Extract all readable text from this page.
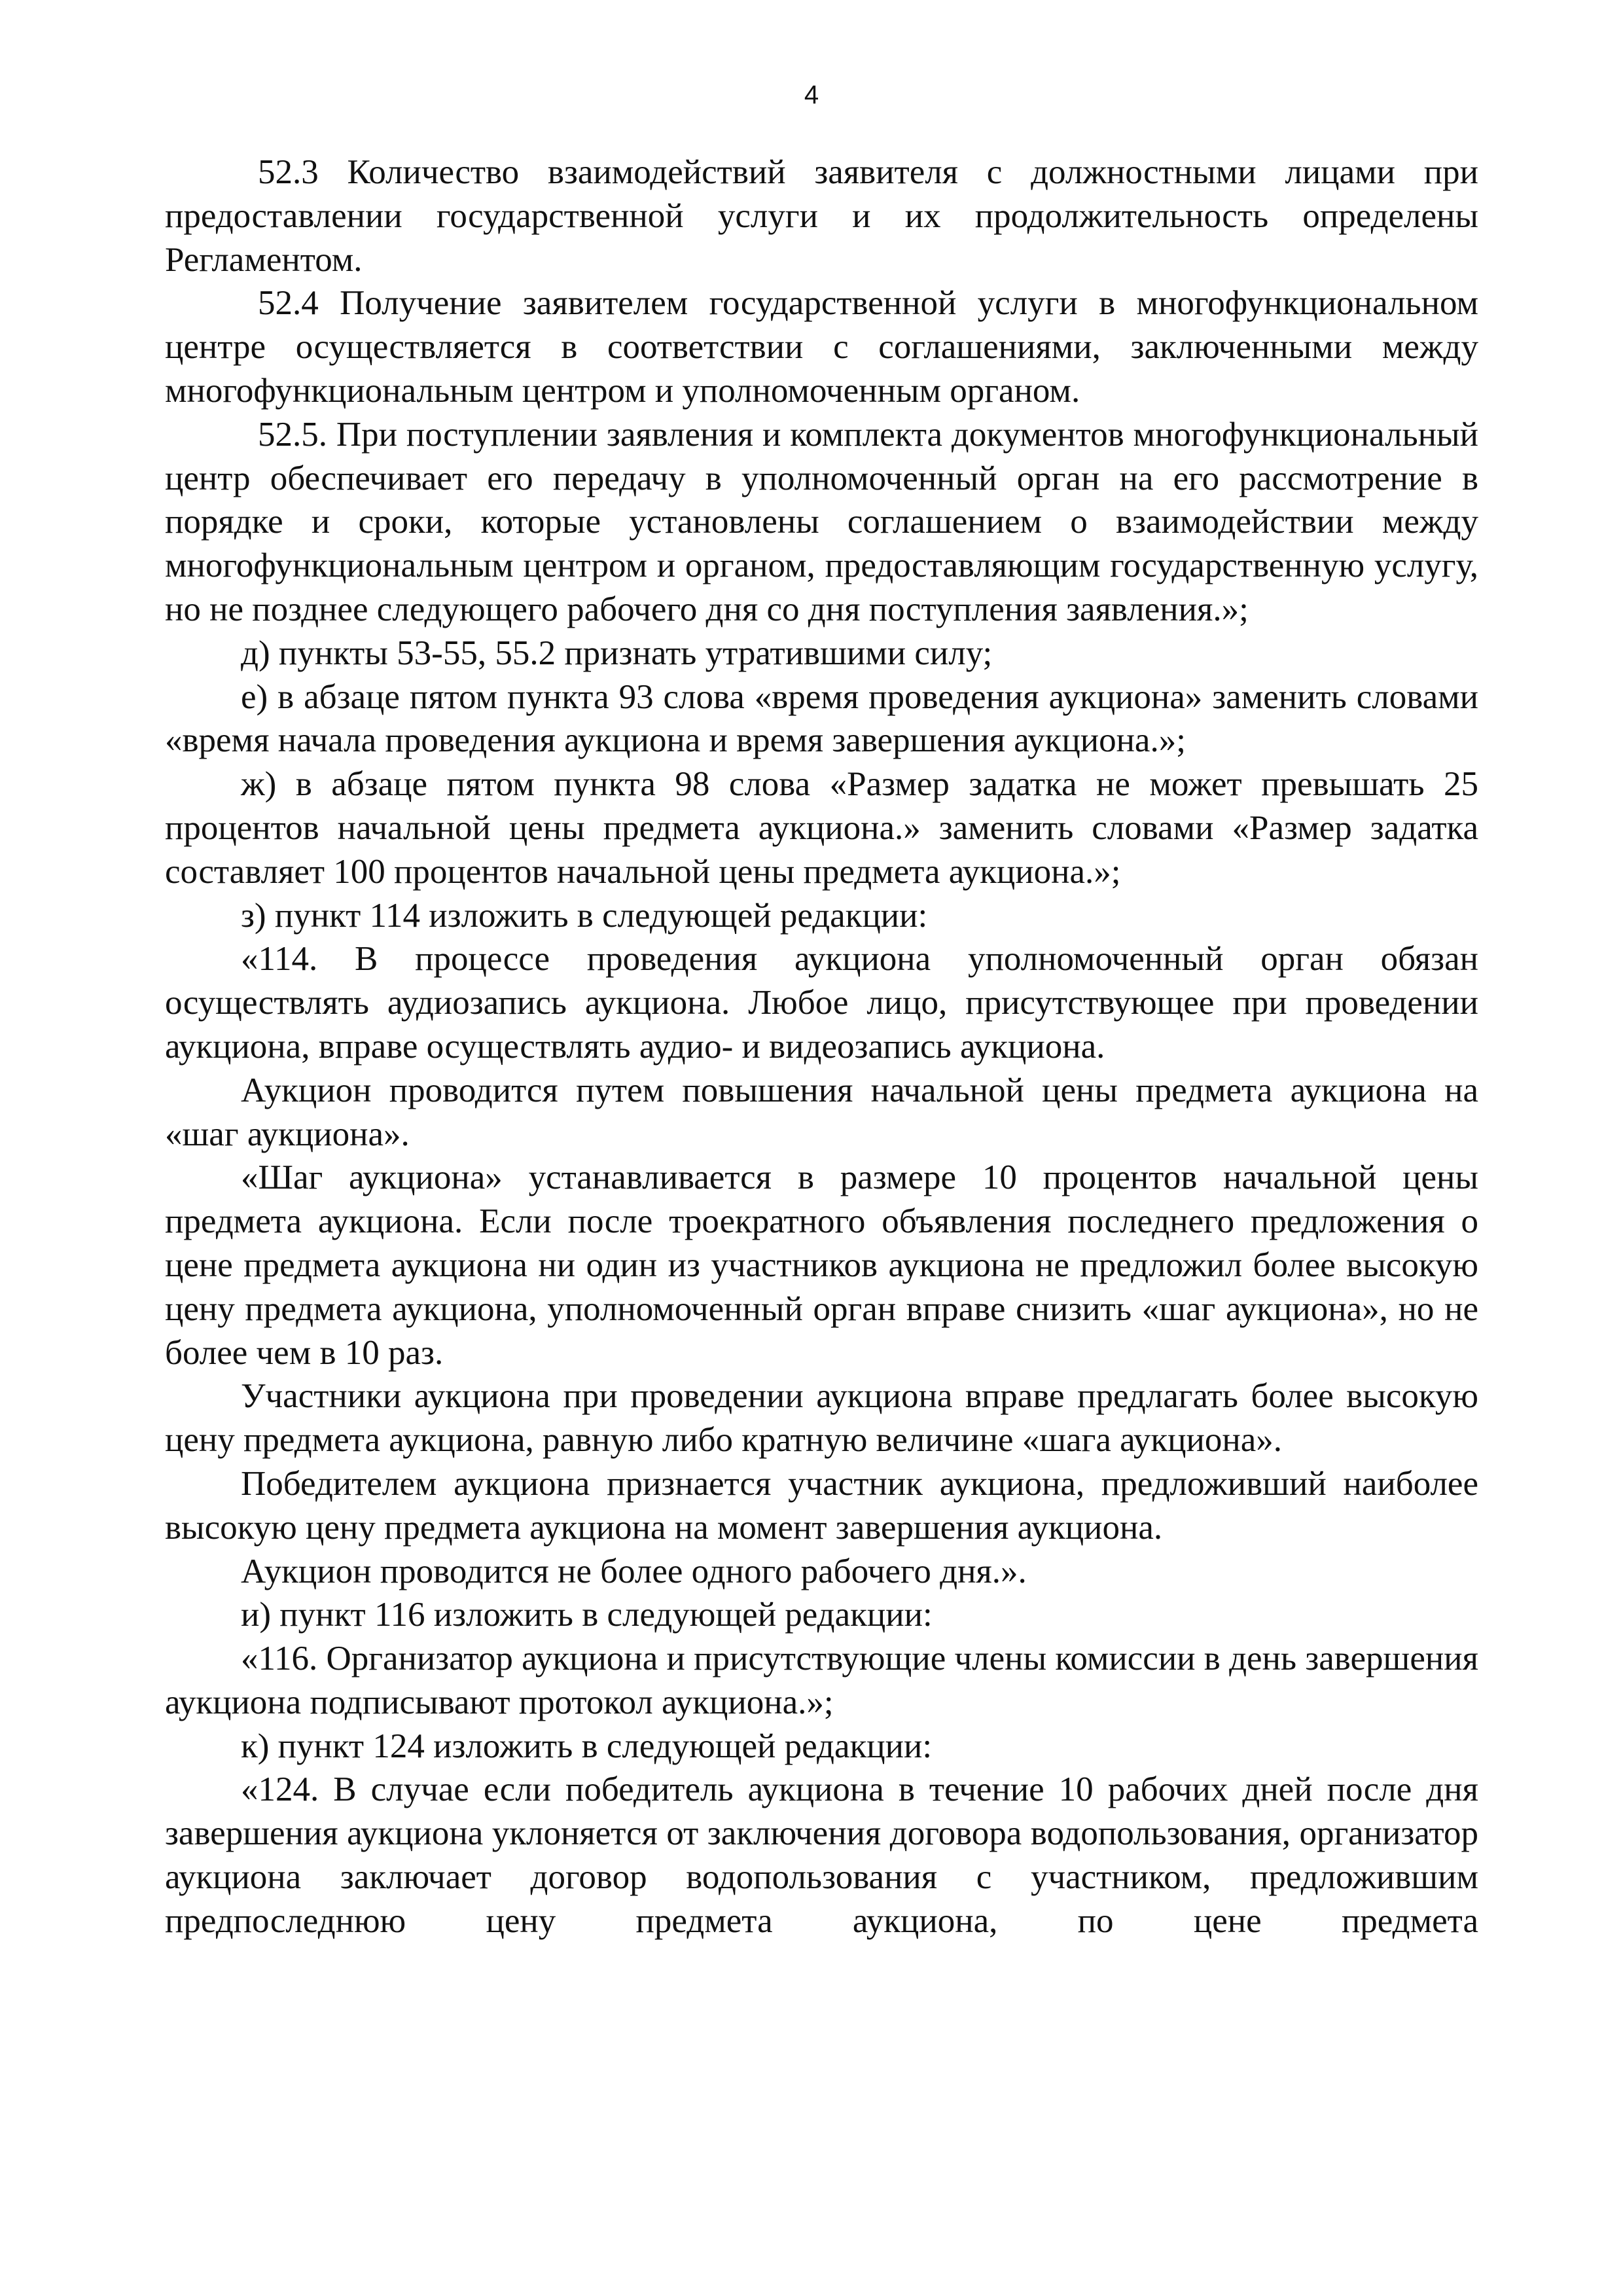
4

52.3 Количество взаимодействий заявителя с должностными лицами при предоставлении государственной услуги и их продолжительность определены Регламентом.

52.4 Получение заявителем государственной услуги в многофункциональном центре осуществляется в соответствии с соглашениями, заключенными между многофункциональным центром и уполномоченным органом.

52.5. При поступлении заявления и комплекта документов многофункциональный центр обеспечивает его передачу в уполномоченный орган на его рассмотрение в порядке и сроки, которые установлены соглашением о взаимодействии между многофункциональным центром и органом, предоставляющим государственную услугу, но не позднее следующего рабочего дня со дня поступления заявления.»;

д) пункты 53-55, 55.2 признать утратившими силу;

е) в абзаце пятом пункта 93 слова «время проведения аукциона» заменить словами «время начала проведения аукциона и время завершения аукциона.»;

ж) в абзаце пятом пункта 98 слова «Размер задатка не может превышать 25 процентов начальной цены предмета аукциона.» заменить словами «Размер задатка составляет 100 процентов начальной цены предмета аукциона.»;

з) пункт 114 изложить в следующей редакции:

«114. В процессе проведения аукциона уполномоченный орган обязан осуществлять аудиозапись аукциона. Любое лицо, присутствующее при проведении аукциона, вправе осуществлять аудио- и видеозапись аукциона.

Аукцион проводится путем повышения начальной цены предмета аукциона на «шаг аукциона».

«Шаг аукциона» устанавливается в размере 10 процентов начальной цены предмета аукциона. Если после троекратного объявления последнего предложения о цене предмета аукциона ни один из участников аукциона не предложил более высокую цену предмета аукциона, уполномоченный орган вправе снизить «шаг аукциона», но не более чем в 10 раз.

Участники аукциона при проведении аукциона вправе предлагать более высокую цену предмета аукциона, равную либо кратную величине «шага аукциона».

Победителем аукциона признается участник аукциона, предложивший наиболее высокую цену предмета аукциона на момент завершения аукциона.

Аукцион проводится не более одного рабочего дня.».

и) пункт 116 изложить в следующей редакции:

«116. Организатор аукциона и присутствующие члены комиссии в день завершения аукциона подписывают протокол аукциона.»;

к) пункт 124 изложить в следующей редакции:

«124. В случае если победитель аукциона в течение 10 рабочих дней после дня завершения аукциона уклоняется от заключения договора водопользования, организатор аукциона заключает договор водопользования с участником, предложившим предпоследнюю цену предмета аукциона, по цене предмета
